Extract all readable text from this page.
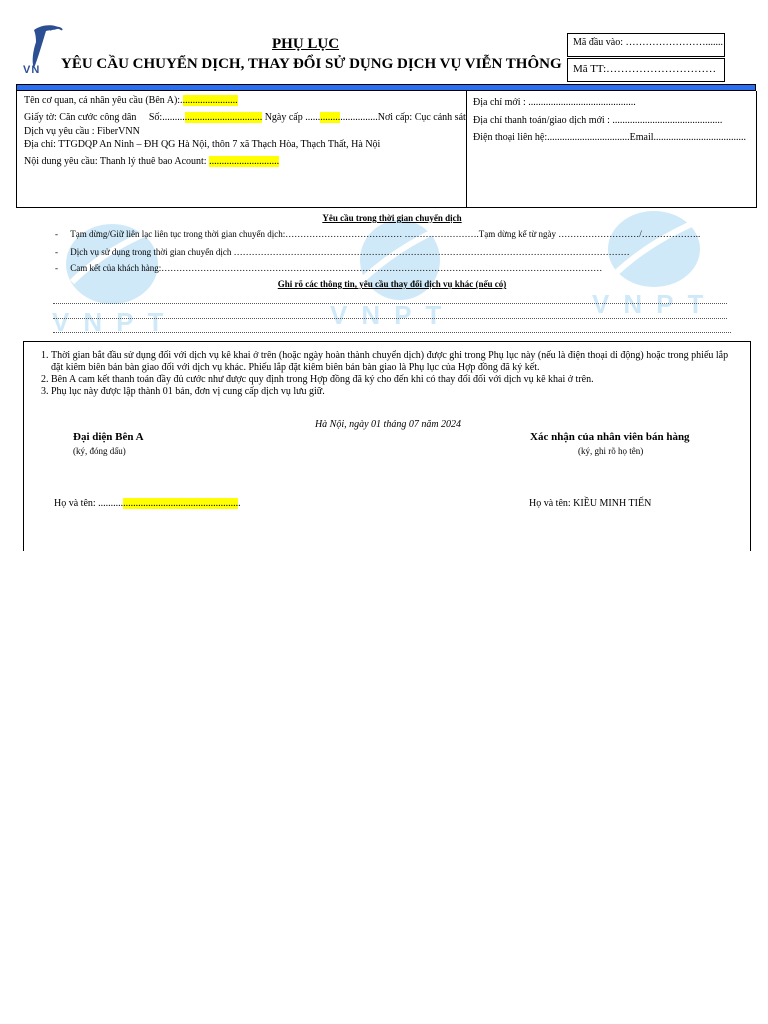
VN
PHỤ LỤC
YÊU CẦU CHUYỂN DỊCH, THAY ĐỔI SỬ DỤNG DỊCH VỤ VIỄN THÔNG
Mã đầu vào: …………………….......
Mã TT:…………………………
Tên cơ quan, cá nhân yêu cầu (Bên A):.......................
Giấy tờ: Căn cước công dân Số:........................................ Ngày cấp .............................Nơi cấp: Cục cảnh sát
Dịch vụ yêu cầu : FiberVNN
Địa chỉ: TTGDQP An Ninh – ĐH QG Hà Nội, thôn 7 xã Thạch Hòa, Thạch Thất, Hà Nội
Nội dung yêu cầu: Thanh lý thuê bao Acount: ............................
Địa chỉ mới : ...........................................
Địa chỉ thanh toán/giao dịch mới : ............................................
Điện thoại liên hệ:.................................Email.....................................
VNPT	VNPT	VNPT
Yêu cầu trong thời gian chuyển dịch
- Tạm dừng/Giữ liên lạc liên tục trong thời gian chuyển dịch:………………………………… …………………….Tạm dừng kể từ ngày ………………………/………………..
- Dịch vụ sử dụng trong thời gian chuyển dịch ……………………………………………………………………………………………………………………
- Cam kết của khách hàng:…………………………………………………………………………………………………………………………………
Ghi rõ các thông tin, yêu cầu thay đổi dịch vụ khác (nếu có)
1. Thời gian bắt đầu sử dụng đối với dịch vụ kê khai ở trên (hoặc ngày hoàn thành chuyển dịch) được ghi trong Phụ lục này (nếu là điện thoại di động) hoặc trong phiếu lắp đặt kiêm biên bản bàn giao đối với dịch vụ khác. Phiếu lắp đặt kiêm biên bản bàn giao là Phụ lục của Hợp đồng đã ký kết.
2. Bên A cam kết thanh toán đầy đủ cước như được quy định trong Hợp đồng đã ký cho đến khi có thay đổi đối với dịch vụ kê khai ở trên.
3. Phụ lục này được lập thành 01 bản, đơn vị cung cấp dịch vụ lưu giữ.
Hà Nội, ngày 01 tháng 07 năm 2024
Đại diện Bên A
(ký, đóng dấu)
Xác nhận của nhân viên bán hàng
(ký, ghi rõ họ tên)
Họ và tên: .........................................................	Họ và tên: KIỀU MINH TIẾN
